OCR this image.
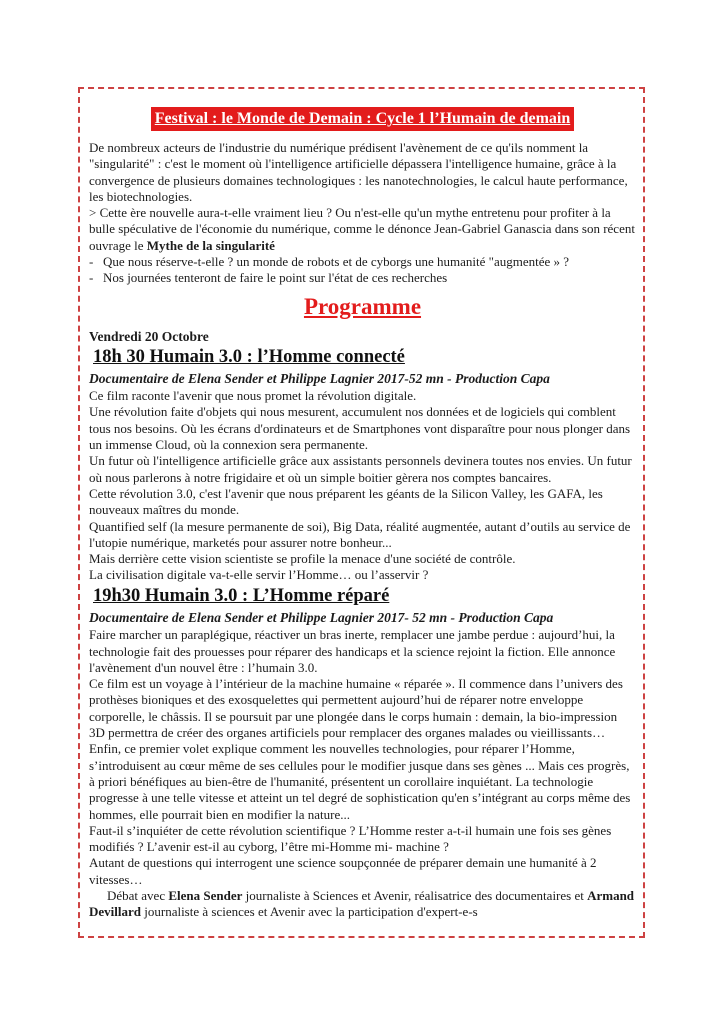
Festival : le Monde de Demain : Cycle 1 l’Humain de demain

De nombreux acteurs de l'industrie du numérique prédisent l'avènement de ce qu'ils nomment la "singularité" : c'est le moment où l'intelligence artificielle dépassera l'intelligence humaine, grâce à la convergence de plusieurs domaines technologiques : les nanotechnologies, le calcul haute performance, les biotechnologies.

> Cette ère nouvelle aura-t-elle vraiment lieu ? Ou n'est-elle qu'un mythe entretenu pour profiter à la bulle spéculative de l'économie du numérique, comme le dénonce Jean-Gabriel Ganascia dans son récent ouvrage le Mythe de la singularité

- Que nous réserve-t-elle ? un monde de robots et de cyborgs une humanité "augmentée » ?
- Nos journées tenteront de faire le point sur l'état de ces recherches
Programme

Vendredi 20 Octobre

18h 30 Humain 3.0 : l’Homme connecté

Documentaire de Elena Sender et Philippe Lagnier 2017-52 mn - Production Capa

Ce film raconte l'avenir que nous promet la révolution digitale.

Une révolution faite d'objets qui nous mesurent, accumulent nos données et de logiciels qui comblent tous nos besoins. Où les écrans d'ordinateurs et de Smartphones vont disparaître pour nous plonger dans un immense Cloud, où la connexion sera permanente.

Un futur où l'intelligence artificielle grâce aux assistants personnels devinera toutes nos envies. Un futur où nous parlerons à notre frigidaire et où un simple boitier gèrera nos comptes bancaires.

Cette révolution 3.0, c'est l'avenir que nous préparent les géants de la Silicon Valley, les GAFA, les nouveaux maîtres du monde.

Quantified self (la mesure permanente de soi), Big Data, réalité augmentée, autant d’outils au service de l'utopie numérique, marketés pour assurer notre bonheur...

Mais derrière cette vision scientiste se profile la menace d'une société de contrôle.

La civilisation digitale va-t-elle servir l’Homme… ou l’asservir ?

19h30 Humain 3.0 : L’Homme réparé

Documentaire de Elena Sender et Philippe Lagnier 2017- 52 mn - Production Capa

Faire marcher un paraplégique, réactiver un bras inerte, remplacer une jambe perdue : aujourd’hui, la technologie fait des prouesses pour réparer des handicaps et la science rejoint la fiction. Elle annonce l'avènement d'un nouvel être : l’humain 3.0.

Ce film est un voyage à l’intérieur de la machine humaine « réparée ». Il commence dans l’univers des prothèses bioniques et des exosquelettes qui permettent aujourd’hui de réparer notre enveloppe corporelle, le châssis. Il se poursuit par une plongée dans le corps humain : demain, la bio-impression 3D permettra de créer des organes artificiels pour remplacer des organes malades ou vieillissants…

Enfin, ce premier volet explique comment les nouvelles technologies, pour réparer l’Homme, s’introduisent au cœur même de ses cellules pour le modifier jusque dans ses gènes ... Mais ces progrès, à priori bénéfiques au bien-être de l'humanité, présentent un corollaire inquiétant. La technologie progresse à une telle vitesse et atteint un tel degré de sophistication qu'en s’intégrant au corps même des hommes, elle pourrait bien en modifier la nature...

Faut-il s’inquiéter de cette révolution scientifique ? L’Homme rester a-t-il humain une fois ses gènes modifiés ? L’avenir est-il au cyborg, l’être mi-Homme mi- machine ?

Autant de questions qui interrogent une science soupçonnée de préparer demain une humanité à 2 vitesses…

Débat avec Elena Sender journaliste à Sciences et Avenir, réalisatrice des documentaires et Armand Devillard journaliste à sciences et Avenir avec la participation d'expert-e-s
